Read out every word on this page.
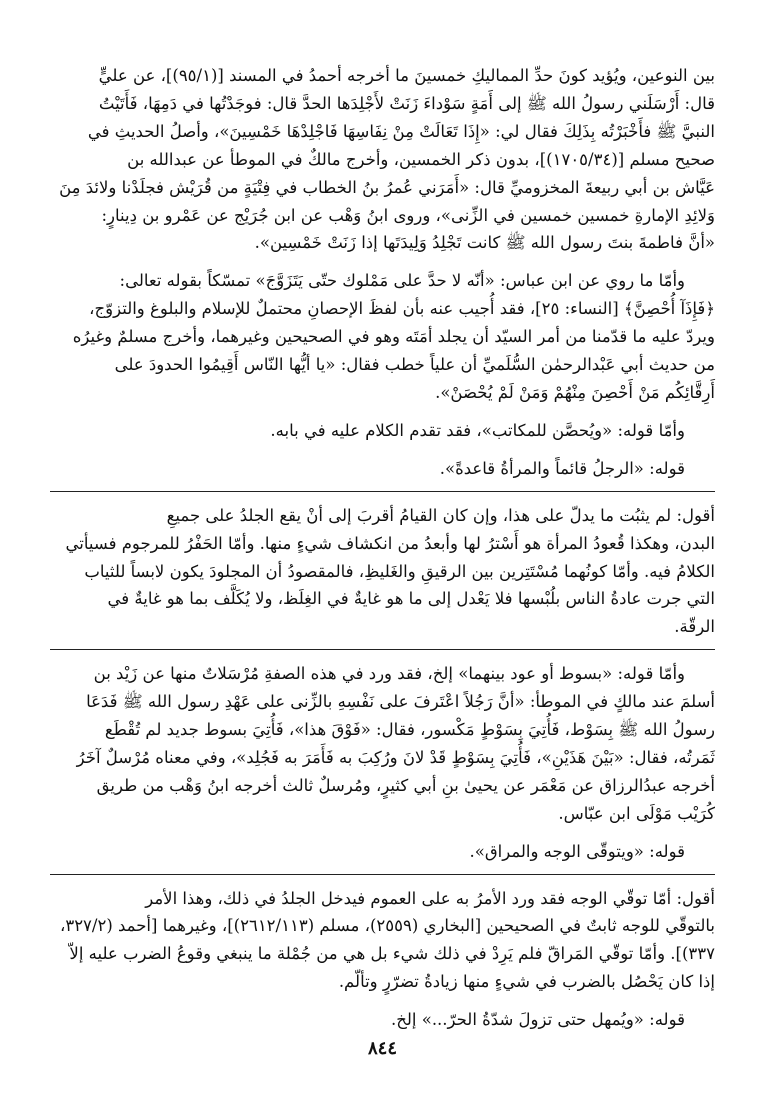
بين النوعين، ويُؤيد كونَ حدِّ المماليكِ خمسينَ ما أخرجه أحمدُ في المسند [(٩٥/١)]، عن عليٍّ

قال: أَرْسَلَني رسولُ الله ﷺ إلى أَمَةٍ سَوْداءَ زَنَتْ لأَجْلِدَها الحدَّ قال: فوجَدْتُها في دَمِهَا، فَأَتَيْتُ

النبيَّ ﷺ فأَخْبَرْتُه بِذَلِكَ فقال لي: «إِذَا تَعَالَتْ مِنْ نِفَاسِهَا فَاجْلِدْهَا خَمْسِينَ»، وأصلُ الحديثِ في

صحيح مسلم [(١٧٠٥/٣٤)]، بدون ذكر الخمسين، وأخرج مالكٌ في الموطأ عن عبدالله بن

عَيَّاش بن أبي ربيعةَ المخزوميِّ قال: «أَمَرَني عُمرُ بنُ الخطاب في فِتْيَةٍ من قُرَيْش فجلَدْنا ولائدَ مِنَ

وَلائِدِ الإمارةِ خمسين خمسين في الزِّنى»، وروى ابنُ وَهْب عن ابن جُرَيْج عن عَمْرو بن دِينارٍ:

«أنَّ فاطمةَ بنتَ رسول الله ﷺ كانت تَجْلِدُ وَلِيدَتَها إذا زَنَتْ خَمْسِين».

وأمّا ما روي عن ابن عباس: «أنّه لا حدَّ على مَمْلوك حتّى يَتَزَوَّجَ» تمسّكاً بقوله تعالى:

﴿فَإِذَآ أُحْصِنَّ﴾ [النساء: ٢٥]، فقد أُجيب عنه بأن لفظَ الإحصانِ محتملٌ للإسلام والبلوغ والتزوّج،

ويردّ عليه ما قدّمنا من أمر السيّد أن يجلد أمَتَه وهو في الصحيحين وغيرهما، وأخرج مسلمٌ وغيرُه

من حديث أبي عَبْدالرحمٰن السُّلَميِّ أن علياً خطب فقال: «يا أيُّها النّاس أَقِيمُوا الحدودَ على

أَرِقَّائِكُم مَنْ أَحْصِنَ مِنْهُمْ وَمَنْ لَمْ يُحْصَنْ».

وأمّا قوله: «ويُحصَّن للمكاتب»، فقد تقدم الكلام عليه في بابه.

قوله: «الرجلُ قائماً والمرأةُ قاعدةً».

أقول: لم يثبُت ما يدلّ على هذا، وإن كان القيامُ أقربَ إلى أنْ يقع الجلدُ على جميعِ

البدن، وهكذا قُعودُ المرأة هو أَسْترُ لها وأبعدُ من انكشاف شيءٍ منها. وأمّا الحَفْرُ للمرجوم فسيأتي

الكلامُ فيه. وأمّا كونُهما مُسْتَتِرين بين الرقيقِ والغَليظِ، فالمقصودُ أن المجلودَ يكون لابساً للثياب

التي جرت عادةُ الناس بلُبْسها فلا يَعْدل إلى ما هو غايةٌ في الغِلَظ، ولا يُكَلَّف بما هو غايةٌ في

الرقّة.

وأمّا قوله: «بسوط أو عود بينهما» إلخ، فقد ورد في هذه الصفةِ مُرْسَلاتٌ منها عن زَيْد بن

أسلمَ عند مالكٍ في الموطأ: «أنَّ رَجُلاً اعْتَرفَ على نَفْسِهِ بالزِّنى على عَهْدِ رسول الله ﷺ فَدَعَا

رسولُ الله ﷺ بِسَوْط، فَأُتِيَ بِسَوْطٍ مَكْسور، فقال: «فَوْقَ هذا»، فَأُتِيَ بسوط جديد لم تُقْطَع

ثَمَرتُه، فقال: «بَيْنَ هَذَيْنِ»، فَأُتِيَ بِسَوْطٍ قَدْ لانَ ورُكِبَ به فَأَمَرَ به فَجُلِد»، وفي معناه مُرْسلٌ آخَرُ

أخرجه عبدُالرزاق عن مَعْمَر عن يحيىٰ بنِ أبي كثيرٍ، ومُرسلٌ ثالث أخرجه ابنُ وَهْب من طريق

كُرَيْب مَوْلَى ابن عبّاس.

قوله: «ويتوقّى الوجه والمراق».

أقول: أمّا توقّي الوجه فقد ورد الأمرُ به على العموم فيدخل الجلدُ في ذلك، وهذا الأمر

بالتوقّي للوجه ثابتٌ في الصحيحين [البخاري (٢٥٥٩)، مسلم (٢٦١٢/١١٣)]، وغيرهما [أحمد (٣٢٧/٢،

٣٣٧)]. وأمّا توقّي المَراقّ فلم يَرِدْ في ذلك شيء بل هي من جُمْلة ما ينبغي وقوعُ الضرب عليه إلاّ

إذا كان يَحْصُل بالضرب في شيءٍ منها زيادةُ تضرّرٍ وتألّم.

قوله: «ويُمهل حتى تزولَ شدّةُ الحرّ...» إلخ.

٨٤٤
